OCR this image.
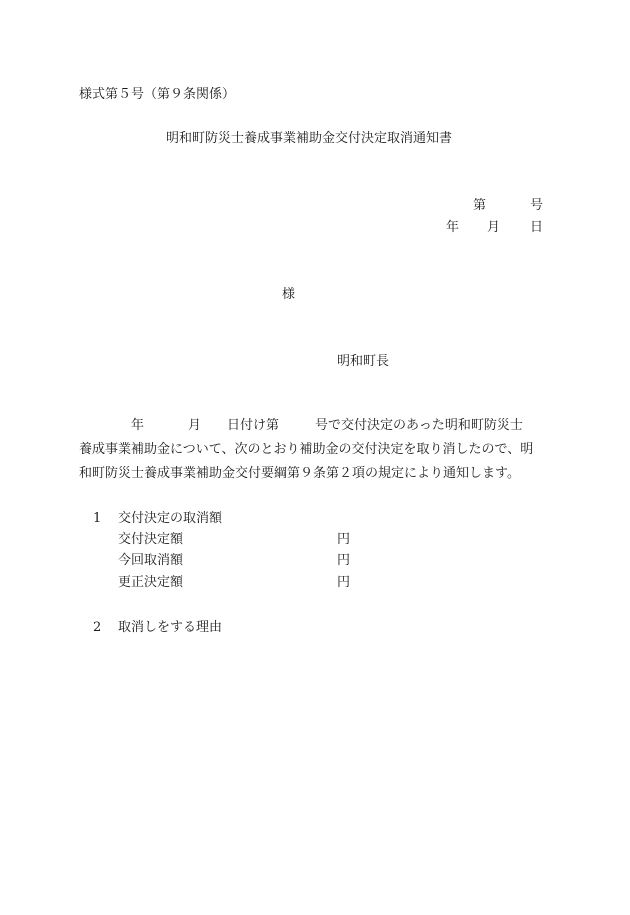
様式第５号（第９条関係）
明和町防災士養成事業補助金交付決定取消通知書
第	号
年 月 日
様
明和町長
年	月 日付け第	号で交付決定のあった明和町防災士
養成事業補助金について、次のとおり補助金の交付決定を取り消したので、明
和町防災士養成事業補助金交付要綱第９条第２項の規定により通知します。
1 交付決定の取消額
交付決定額	円
今回取消額	円
更正決定額	円
2 取消しをする理由
